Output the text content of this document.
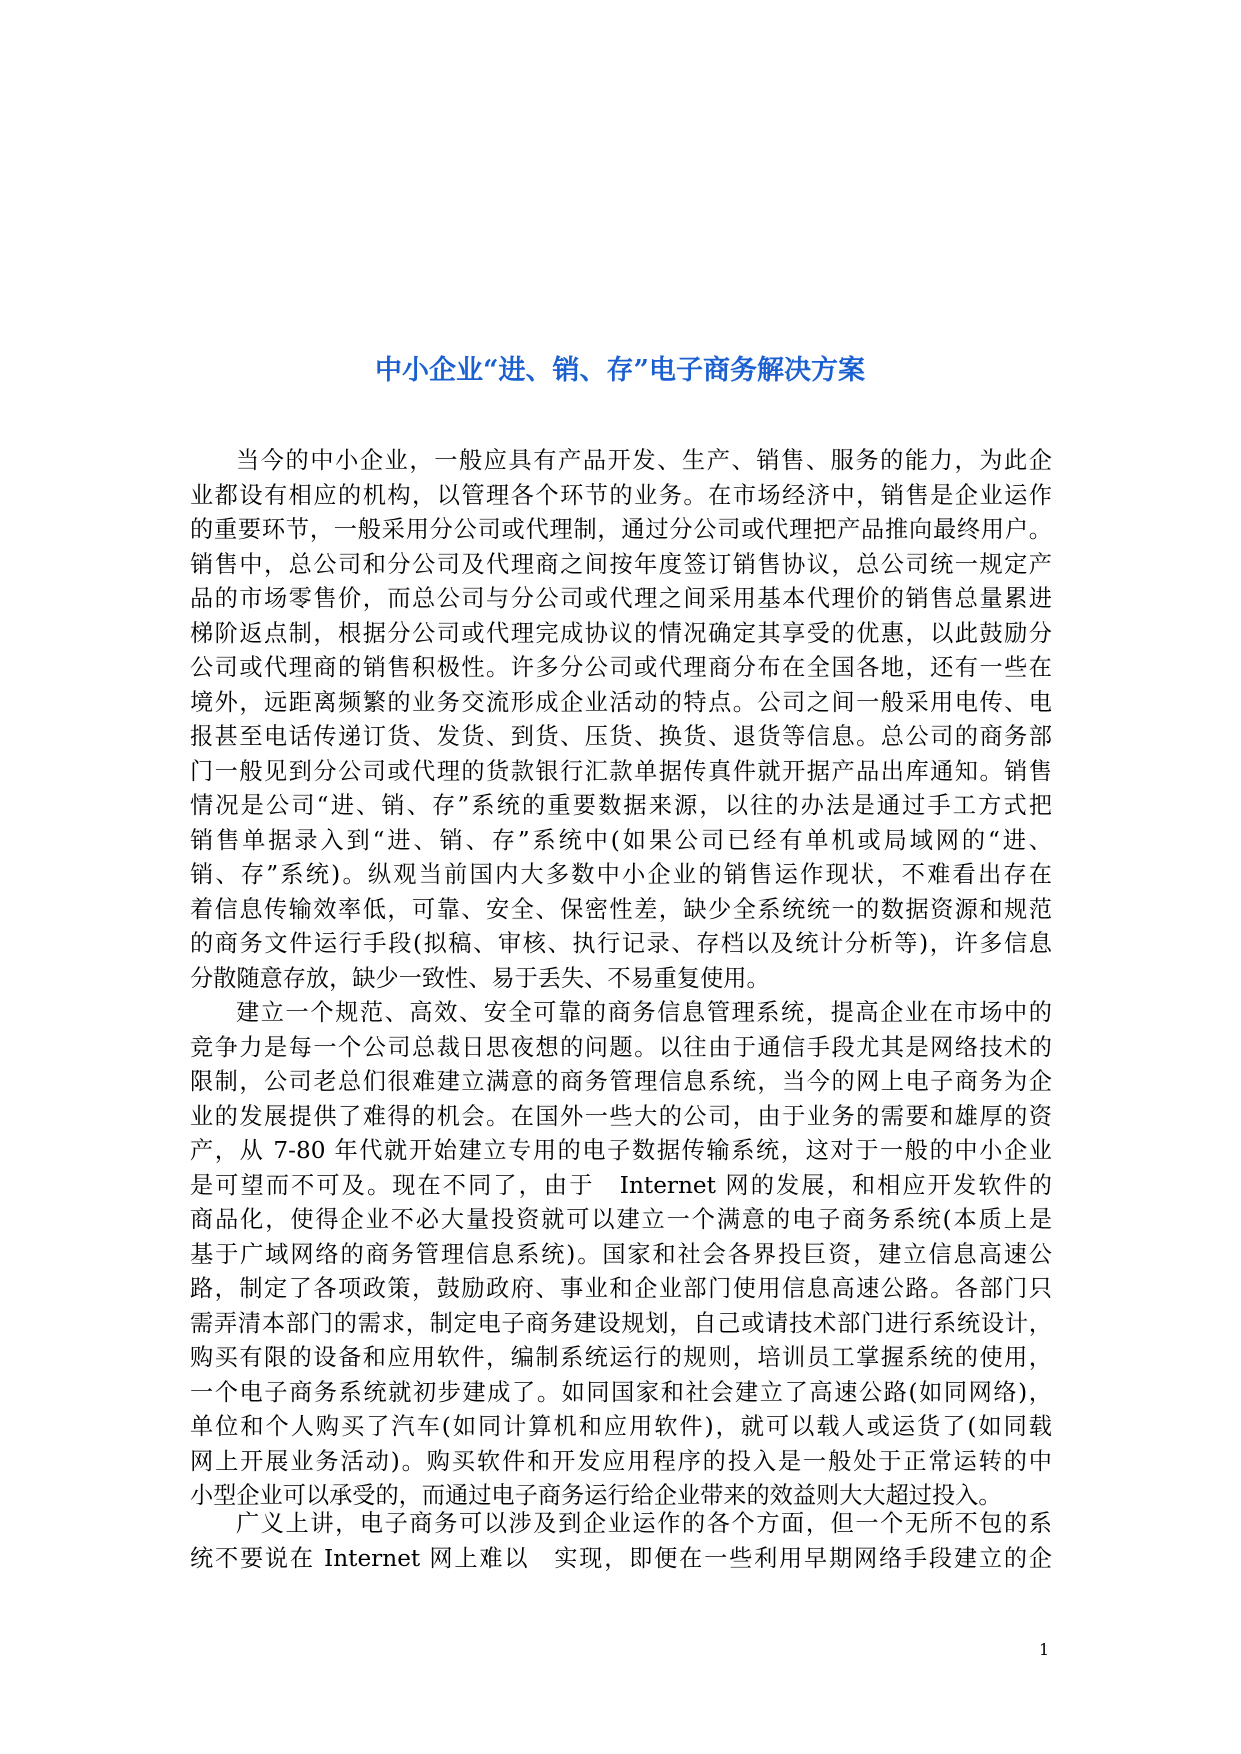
中小企业“进、销、存”电子商务解决方案
当今的中小企业，一般应具有产品开发、生产、销售、服务的能力，为此企
业都设有相应的机构，以管理各个环节的业务。在市场经济中，销售是企业运作
的重要环节，一般采用分公司或代理制，通过分公司或代理把产品推向最终用户。
销售中，总公司和分公司及代理商之间按年度签订销售协议，总公司统一规定产
品的市场零售价，而总公司与分公司或代理之间采用基本代理价的销售总量累进
梯阶返点制，根据分公司或代理完成协议的情况确定其享受的优惠，以此鼓励分
公司或代理商的销售积极性。许多分公司或代理商分布在全国各地，还有一些在
境外，远距离频繁的业务交流形成企业活动的特点。公司之间一般采用电传、电
报甚至电话传递订货、发货、到货、压货、换货、退货等信息。总公司的商务部
门一般见到分公司或代理的货款银行汇款单据传真件就开据产品出库通知。销售
情况是公司“进、销、存”系统的重要数据来源，以往的办法是通过手工方式把
销售单据录入到“进、销、存”系统中(如果公司已经有单机或局域网的“进、
销、存”系统)。纵观当前国内大多数中小企业的销售运作现状，不难看出存在
着信息传输效率低，可靠、安全、保密性差，缺少全系统统一的数据资源和规范
的商务文件运行手段(拟稿、审核、执行记录、存档以及统计分析等)，许多信息
分散随意存放，缺少一致性、易于丢失、不易重复使用。
建立一个规范、高效、安全可靠的商务信息管理系统，提高企业在市场中的
竞争力是每一个公司总裁日思夜想的问题。以往由于通信手段尤其是网络技术的
限制，公司老总们很难建立满意的商务管理信息系统，当今的网上电子商务为企
业的发展提供了难得的机会。在国外一些大的公司，由于业务的需要和雄厚的资
产，从 7-80 年代就开始建立专用的电子数据传输系统，这对于一般的中小企业
是可望而不可及。现在不同了，由于　Internet 网的发展，和相应开发软件的
商品化，使得企业不必大量投资就可以建立一个满意的电子商务系统(本质上是
基于广域网络的商务管理信息系统)。国家和社会各界投巨资，建立信息高速公
路，制定了各项政策，鼓励政府、事业和企业部门使用信息高速公路。各部门只
需弄清本部门的需求，制定电子商务建设规划，自己或请技术部门进行系统设计，
购买有限的设备和应用软件，编制系统运行的规则，培训员工掌握系统的使用，
一个电子商务系统就初步建成了。如同国家和社会建立了高速公路(如同网络)，
单位和个人购买了汽车(如同计算机和应用软件)，就可以载人或运货了(如同载
网上开展业务活动)。购买软件和开发应用程序的投入是一般处于正常运转的中
小型企业可以承受的，而通过电子商务运行给企业带来的效益则大大超过投入。
广义上讲，电子商务可以涉及到企业运作的各个方面，但一个无所不包的系
统不要说在 Internet 网上难以　实现，即便在一些利用早期网络手段建立的企
1
